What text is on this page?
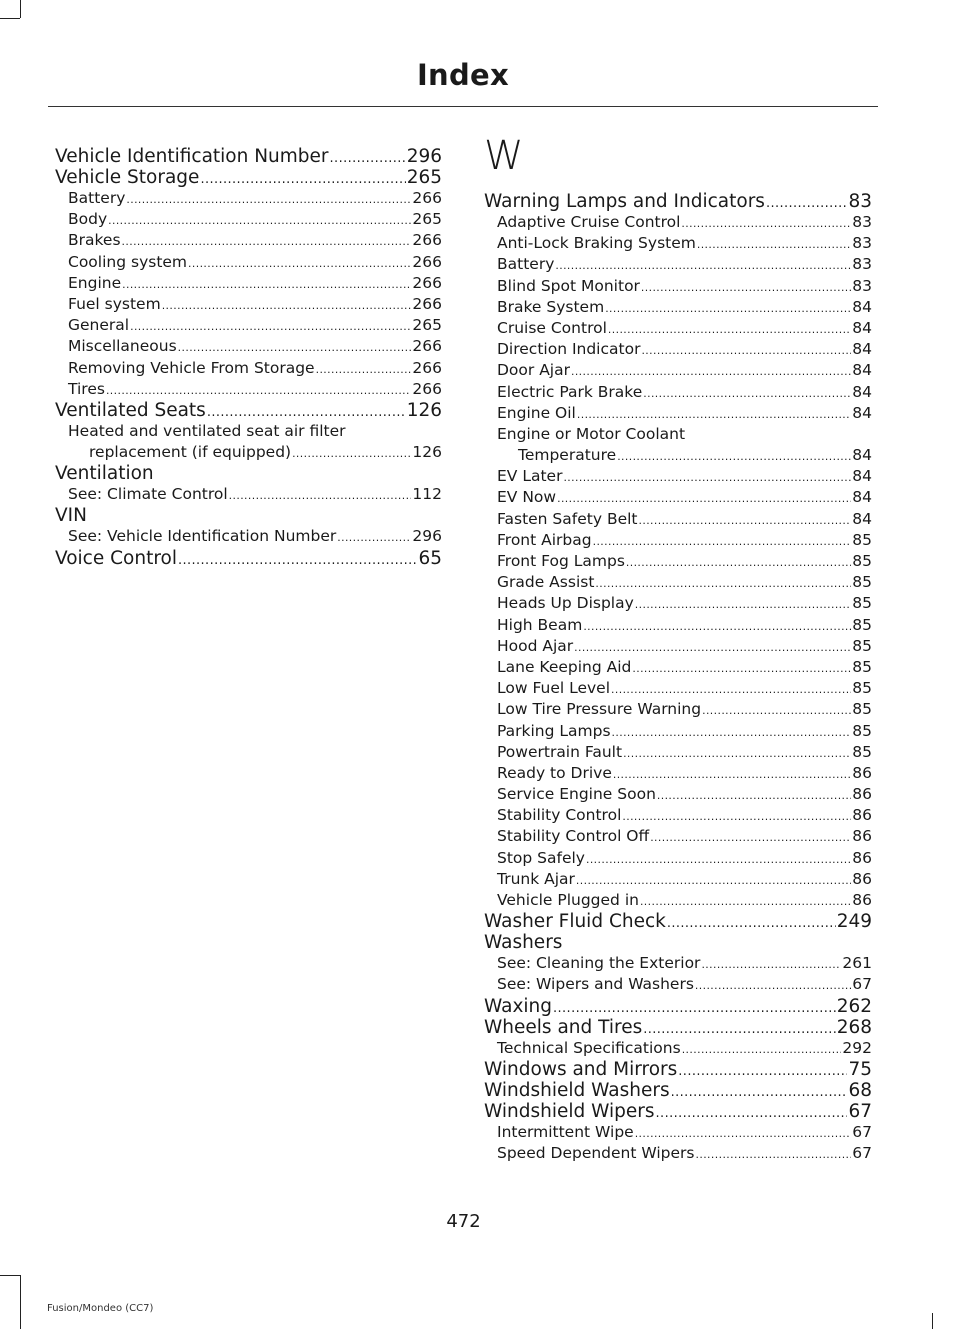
Index
Vehicle Identification Number .....	296
Vehicle Storage .....	265
Battery .....	266
Body .....	265
Brakes .....	266
Cooling system .....	266
Engine .....	266
Fuel system .....	266
General .....	265
Miscellaneous .....	266
Removing Vehicle From Storage .....	266
Tires .....	266
Ventilated Seats .....	126
Heated and ventilated seat air filter
replacement (if equipped) .....	126
Ventilation
See: Climate Control .....	112
VIN
See: Vehicle Identification Number .....	296
Voice Control .....	65
W
Warning Lamps and Indicators .....	83
Adaptive Cruise Control .....	83
Anti-Lock Braking System .....	83
Battery .....	83
Blind Spot Monitor .....	83
Brake System .....	84
Cruise Control .....	84
Direction Indicator .....	84
Door Ajar .....	84
Electric Park Brake .....	84
Engine Oil .....	84
Engine or Motor Coolant
Temperature .....	84
EV Later .....	84
EV Now .....	84
Fasten Safety Belt .....	84
Front Airbag .....	85
Front Fog Lamps .....	85
Grade Assist .....	85
Heads Up Display .....	85
High Beam .....	85
Hood Ajar .....	85
Lane Keeping Aid .....	85
Low Fuel Level .....	85
Low Tire Pressure Warning .....	85
Parking Lamps .....	85
Powertrain Fault .....	85
Ready to Drive .....	86
Service Engine Soon .....	86
Stability Control .....	86
Stability Control Off .....	86
Stop Safely .....	86
Trunk Ajar .....	86
Vehicle Plugged in .....	86
Washer Fluid Check .....	249
Washers
See: Cleaning the Exterior .....	261
See: Wipers and Washers .....	67
Waxing .....	262
Wheels and Tires .....	268
Technical Specifications .....	292
Windows and Mirrors .....	75
Windshield Washers .....	68
Windshield Wipers .....	67
Intermittent Wipe .....	67
Speed Dependent Wipers .....	67
472
Fusion/Mondeo (CC7)
